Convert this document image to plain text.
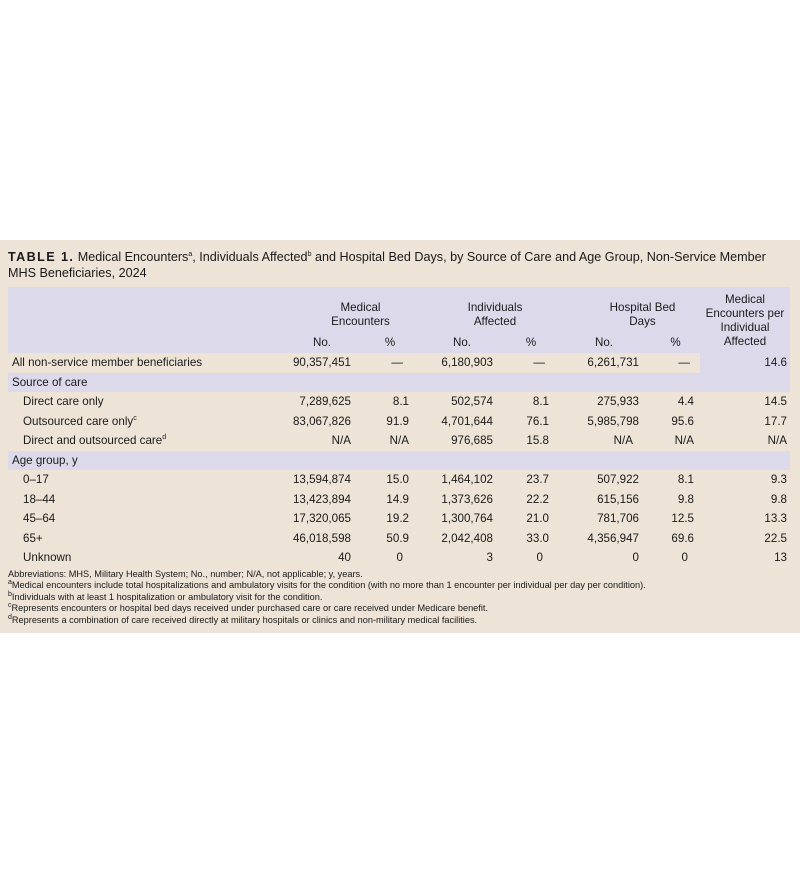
TABLE 1. Medical Encounters$^a$, Individuals Affected$^b$ and Hospital Bed Days, by Source of Care and Age Group, Non-Service Member MHS Beneficiaries, 2024

	Medical Encounters		Individuals Affected		Hospital Bed Days		Medical Encounters per Individual Affected

	No.	%	No.	%	No.	%	
All non-service member beneficiaries	90,357,451	—	6,180,903	—	6,261,731	—	14.6
Source of care							
Direct care only	7,289,625	8.1	502,574	8.1	275,933	4.4	14.5
Outsourced care only$^c$	83,067,826	91.9	4,701,644	76.1	5,985,798	95.6	17.7
Direct and outsourced care$^d$	N/A	N/A	976,685	15.8	N/A	N/A	N/A
Age group, y							
0–17	13,594,874	15.0	1,464,102	23.7	507,922	8.1	9.3
18–44	13,423,894	14.9	1,373,626	22.2	615,156	9.8	9.8
45–64	17,320,065	19.2	1,300,764	21.0	781,706	12.5	13.3
65+	46,018,598	50.9	2,042,408	33.0	4,356,947	69.6	22.5
Unknown	40	0	3	0	0	0	13
Abbreviations: MHS, Military Health System; No., number; N/A, not applicable; y, years.
$^a$Medical encounters include total hospitalizations and ambulatory visits for the condition (with no more than 1 encounter per individual per day per condition).
$^b$Individuals with at least 1 hospitalization or ambulatory visit for the condition.
$^c$Represents encounters or hospital bed days received under purchased care or care received under Medicare benefit.
$^d$Represents a combination of care received directly at military hospitals or clinics and non-military medical facilities.
